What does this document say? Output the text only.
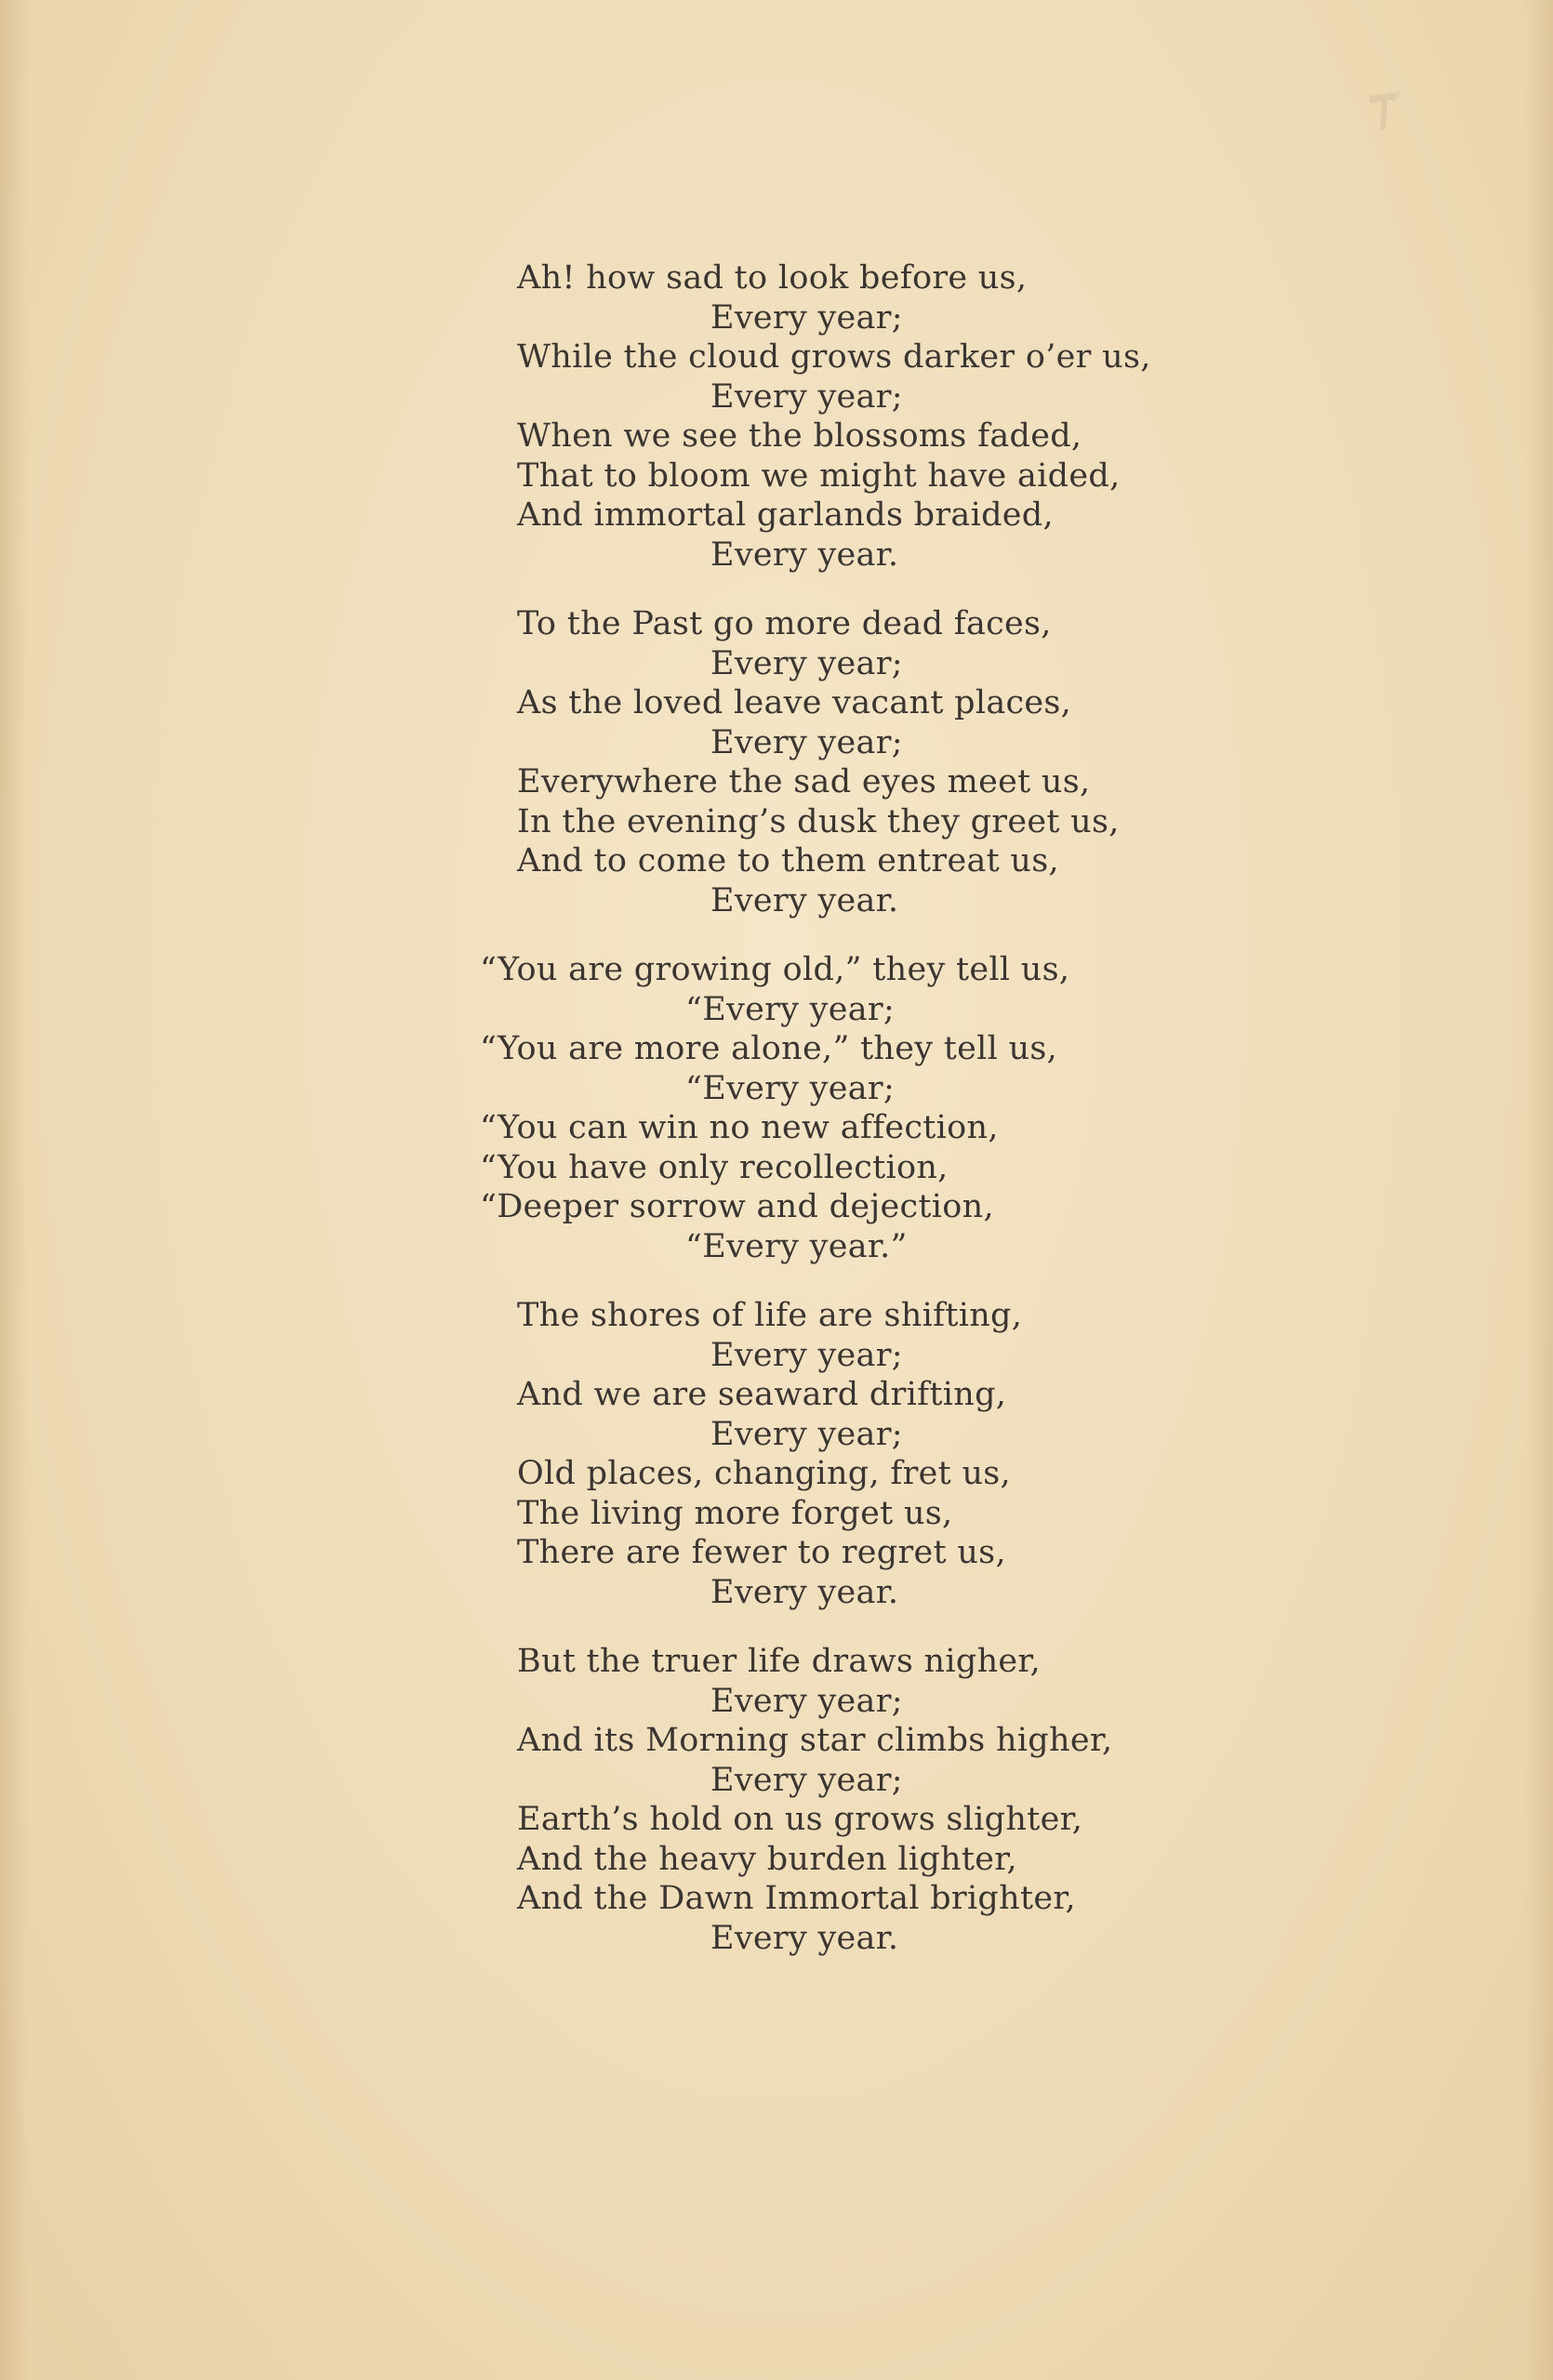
Ah! how sad to look before us,
Every year;
While the cloud grows darker o’er us,
Every year;
When we see the blossoms faded,
That to bloom we might have aided,
And immortal garlands braided,
Every year.
To the Past go more dead faces,
Every year;
As the loved leave vacant places,
Every year;
Everywhere the sad eyes meet us,
In the evening’s dusk they greet us,
And to come to them entreat us,
Every year.
“You are growing old,” they tell us,
“Every year;
“You are more alone,” they tell us,
“Every year;
“You can win no new affection,
“You have only recollection,
“Deeper sorrow and dejection,
“Every year.”
The shores of life are shifting,
Every year;
And we are seaward drifting,
Every year;
Old places, changing, fret us,
The living more forget us,
There are fewer to regret us,
Every year.
But the truer life draws nigher,
Every year;
And its Morning star climbs higher,
Every year;
Earth’s hold on us grows slighter,
And the heavy burden lighter,
And the Dawn Immortal brighter,
Every year.
